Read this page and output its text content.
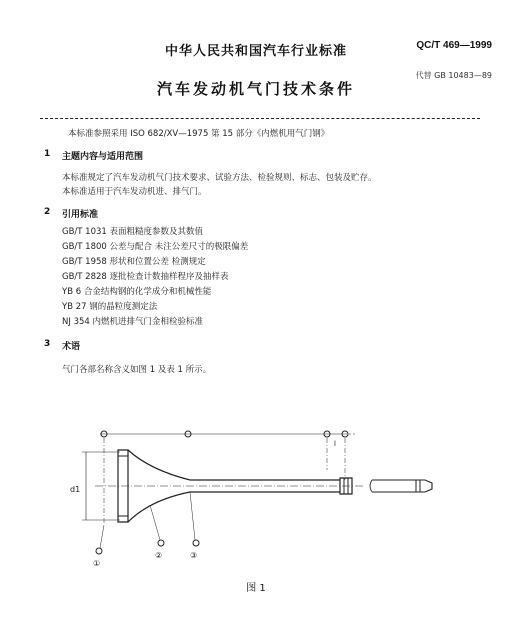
中华人民共和国汽车行业标准	QC/T 469—1999
代替 GB 10483—89
汽车发动机气门技术条件
本标准参照采用 ISO 682/XV—1975 第 15 部分《内燃机用气门钢》
1 主题内容与适用范围
本标准规定了汽车发动机气门技术要求、试验方法、检验规则、标志、包装及贮存。
本标准适用于汽车发动机进、排气门。
2 引用标准
GB/T 1031 表面粗糙度参数及其数值
GB/T 1800 公差与配合 未注公差尺寸的极限偏差
GB/T 1958 形状和位置公差 检测规定
GB/T 2828 逐批检查计数抽样程序及抽样表
YB 6 合金结构钢的化学成分和机械性能
YB 27 钢的晶粒度测定法
NJ 354 内燃机进排气门金相检验标准
3 术语
气门各部名称含义如图 1 及表 1 所示。
d1
l
①
②	③
图 1
